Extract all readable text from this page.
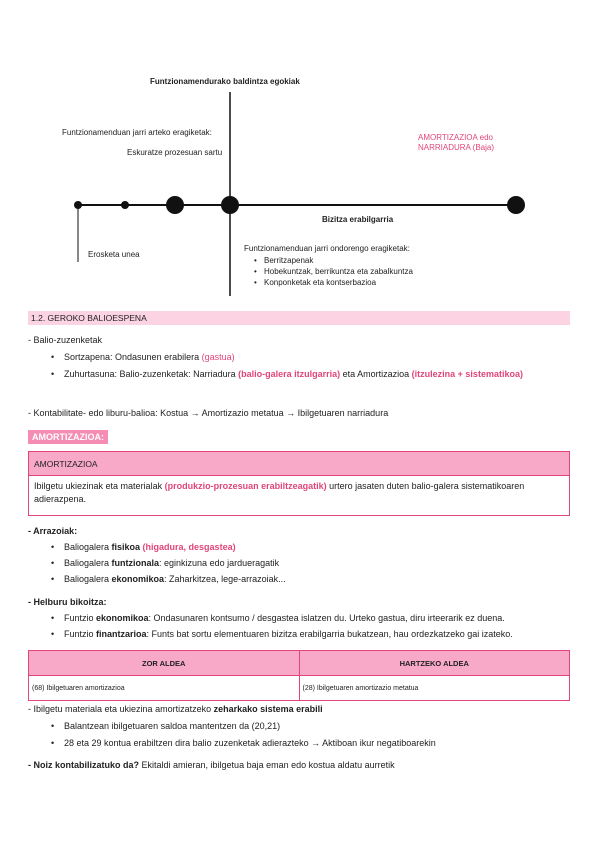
Funtzionamendurako baldintza egokiak
Funtzionamenduan jarri arteko eragiketak:
Eskuratze prozesuan sartu
AMORTIZAZIOA edo
NARRIADURA (Baja)
Bizitza erabilgarria
Erosketa unea
Funtzionamenduan jarri ondorengo eragiketak:
• Berritzapenak
• Hobekuntzak, berrikuntza eta zabalkuntza
• Konponketak eta kontserbazioa
1.2. GEROKO BALIOESPENA
- Balio-zuzenketak
• Sortzapena: Ondasunen erabilera (gastua)
• Zuhurtasuna: Balio-zuzenketak: Narriadura (balio-galera itzulgarria) eta Amortizazioa (itzulezina + sistematikoa)
- Kontabilitate- edo liburu-balioa: Kostua → Amortizazio metatua → Ibilgetuaren narriadura
AMORTIZAZIOA:
AMORTIZAZIOA
Ibilgetu ukiezinak eta materialak (produkzio-prozesuan erabiltzeagatik) urtero jasaten duten balio-galera sistematikoaren adierazpena.
- Arrazoiak:
• Baliogalera fisikoa (higadura, desgastea)
• Baliogalera funtzionala: eginkizuna edo jardueragatik
• Baliogalera ekonomikoa: Zaharkitzea, lege-arrazoiak...
- Helburu bikoitza:
• Funtzio ekonomikoa: Ondasunaren kontsumo / desgastea islatzen du. Urteko gastua, diru irteerarik ez duena.
• Funtzio finantzarioa: Funts bat sortu elementuaren bizitza erabilgarria bukatzean, hau ordezkatzeko gai izateko.
ZOR ALDEA	HARTZEKO ALDEA
(68) Ibilgetuaren amortizazioa	(28) Ibilgetuaren amortizazio metatua
- Ibilgetu materiala eta ukiezina amortizatzeko zeharkako sistema erabili
• Balantzean ibilgetuaren saldoa mantentzen da (20,21)
• 28 eta 29 kontua erabiltzen dira balio zuzenketak adierazteko → Aktiboan ikur negatiboarekin
- Noiz kontabilizatuko da? Ekitaldi amieran, ibilgetua baja eman edo kostua aldatu aurretik
